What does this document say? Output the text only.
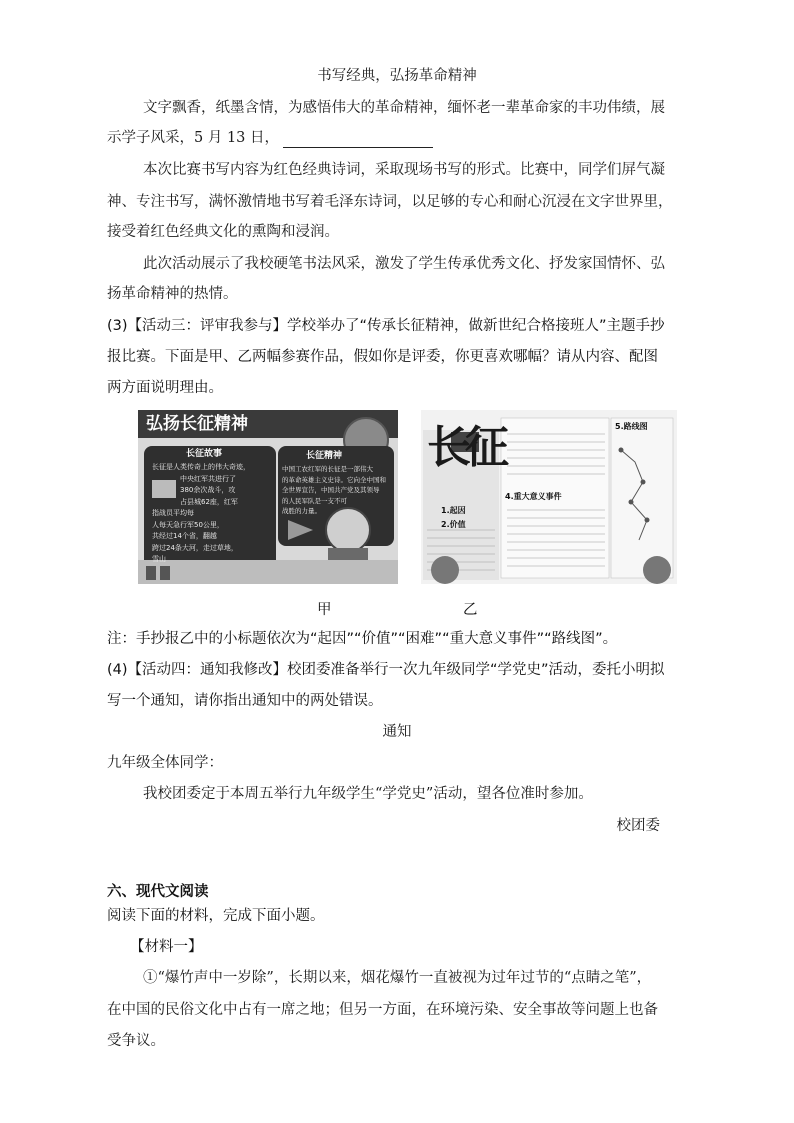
书写经典，弘扬革命精神
文字飘香，纸墨含情，为感悟伟大的革命精神，缅怀老一辈革命家的丰功伟绩，展
示学子风采，5 月 13 日，
本次比赛书写内容为红色经典诗词，采取现场书写的形式。比赛中，同学们屏气凝
神、专注书写，满怀激情地书写着毛泽东诗词，以足够的专心和耐心沉浸在文字世界里，
接受着红色经典文化的熏陶和浸润。
此次活动展示了我校硬笔书法风采，激发了学生传承优秀文化、抒发家国情怀、弘
扬革命精神的热情。
(3)【活动三：评审我参与】学校举办了“传承长征精神，做新世纪合格接班人”主题手抄
报比赛。下面是甲、乙两幅参赛作品，假如你是评委，你更喜欢哪幅？请从内容、配图
两方面说明理由。
弘扬长征精神
长征故事
长征是人类传奇上的伟大奇迹，
中央红军共进行了
380余次战斗，攻
占县城62座，红军
指战员平均每
人每天急行军50公里，
共经过14个省，翻越
跨过24条大河，走过草地，
雪山
长征精神
中国工农红军的长征是一部伟大
的革命英雄主义史诗。它向全中国和
全世界宣告，中国共产党及其领导
的人民军队是一支不可
战胜的力量。
长征
1.起因
2.价值
4.重大意义事件
5.路线图
甲	乙
注：手抄报乙中的小标题依次为“起因”“价值”“困难”“重大意义事件”“路线图”。
(4)【活动四：通知我修改】校团委准备举行一次九年级同学“学党史”活动，委托小明拟
写一个通知，请你指出通知中的两处错误。
通知
九年级全体同学：
我校团委定于本周五举行九年级学生“学党史”活动，望各位准时参加。
校团委
六、现代文阅读
阅读下面的材料，完成下面小题。
【材料一】
①“爆竹声中一岁除”，长期以来，烟花爆竹一直被视为过年过节的“点睛之笔”，
在中国的民俗文化中占有一席之地；但另一方面，在环境污染、安全事故等问题上也备
受争议。
